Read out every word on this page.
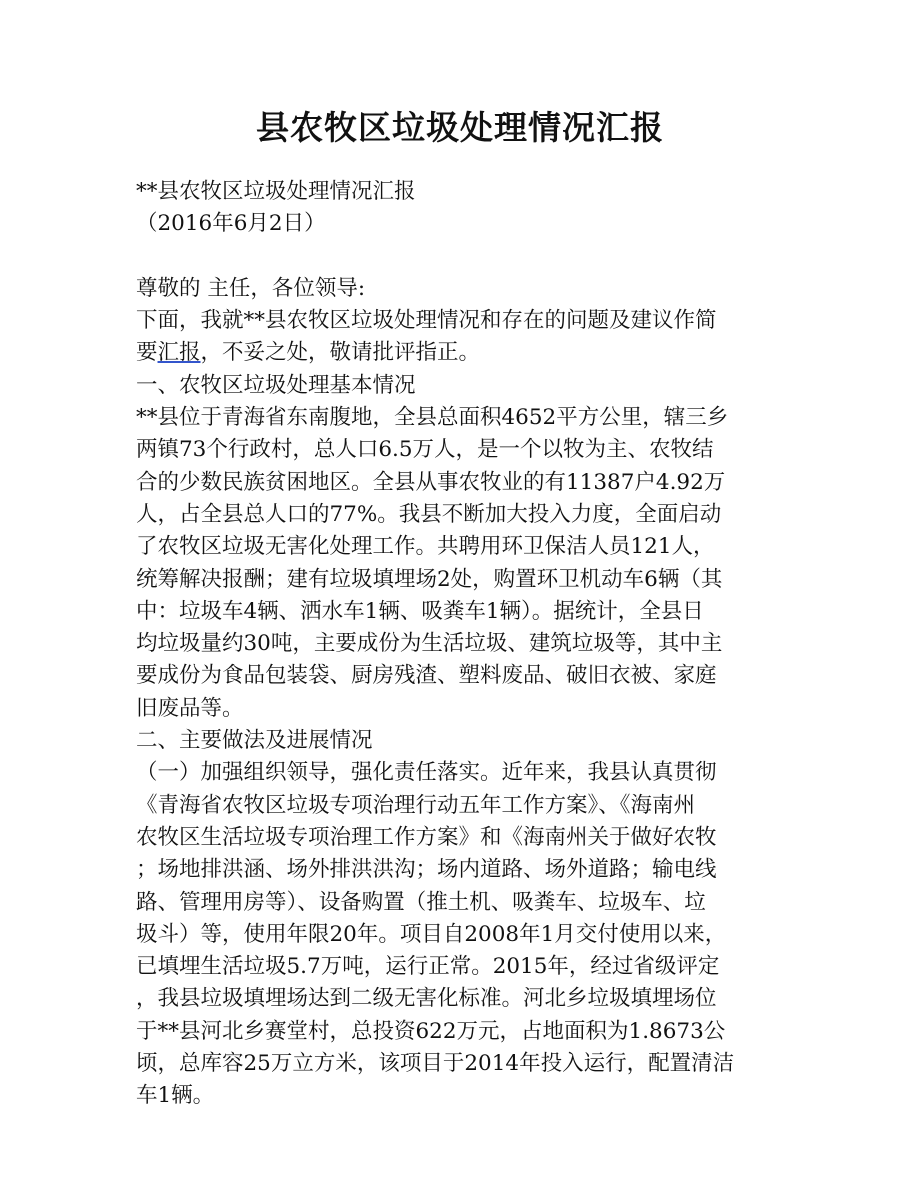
县农牧区垃圾处理情况汇报
**县农牧区垃圾处理情况汇报
（2016年6月2日）
尊敬的 主任，各位领导:
下面，我就**县农牧区垃圾处理情况和存在的问题及建议作简
要汇报，不妥之处，敬请批评指正。
一、农牧区垃圾处理基本情况
**县位于青海省东南腹地，全县总面积4652平方公里，辖三乡
两镇73个行政村，总人口6.5万人，是一个以牧为主、农牧结
合的少数民族贫困地区。全县从事农牧业的有11387户4.92万
人，占全县总人口的77%。我县不断加大投入力度，全面启动
了农牧区垃圾无害化处理工作。共聘用环卫保洁人员121人，
统筹解决报酬；建有垃圾填埋场2处，购置环卫机动车6辆（其
中：垃圾车4辆、洒水车1辆、吸粪车1辆）。据统计，全县日
均垃圾量约30吨，主要成份为生活垃圾、建筑垃圾等，其中主
要成份为食品包装袋、厨房残渣、塑料废品、破旧衣被、家庭
旧废品等。
二、主要做法及进展情况
（一）加强组织领导，强化责任落实。近年来，我县认真贯彻
《青海省农牧区垃圾专项治理行动五年工作方案》、《海南州
农牧区生活垃圾专项治理工作方案》和《海南州关于做好农牧
；场地排洪涵、场外排洪洪沟；场内道路、场外道路；输电线
路、管理用房等）、设备购置（推土机、吸粪车、垃圾车、垃
圾斗）等，使用年限20年。项目自2008年1月交付使用以来，
已填埋生活垃圾5.7万吨，运行正常。2015年，经过省级评定
，我县垃圾填埋场达到二级无害化标准。河北乡垃圾填埋场位
于**县河北乡赛堂村，总投资622万元，占地面积为1.8673公
顷，总库容25万立方米，该项目于2014年投入运行，配置清洁
车1辆。
